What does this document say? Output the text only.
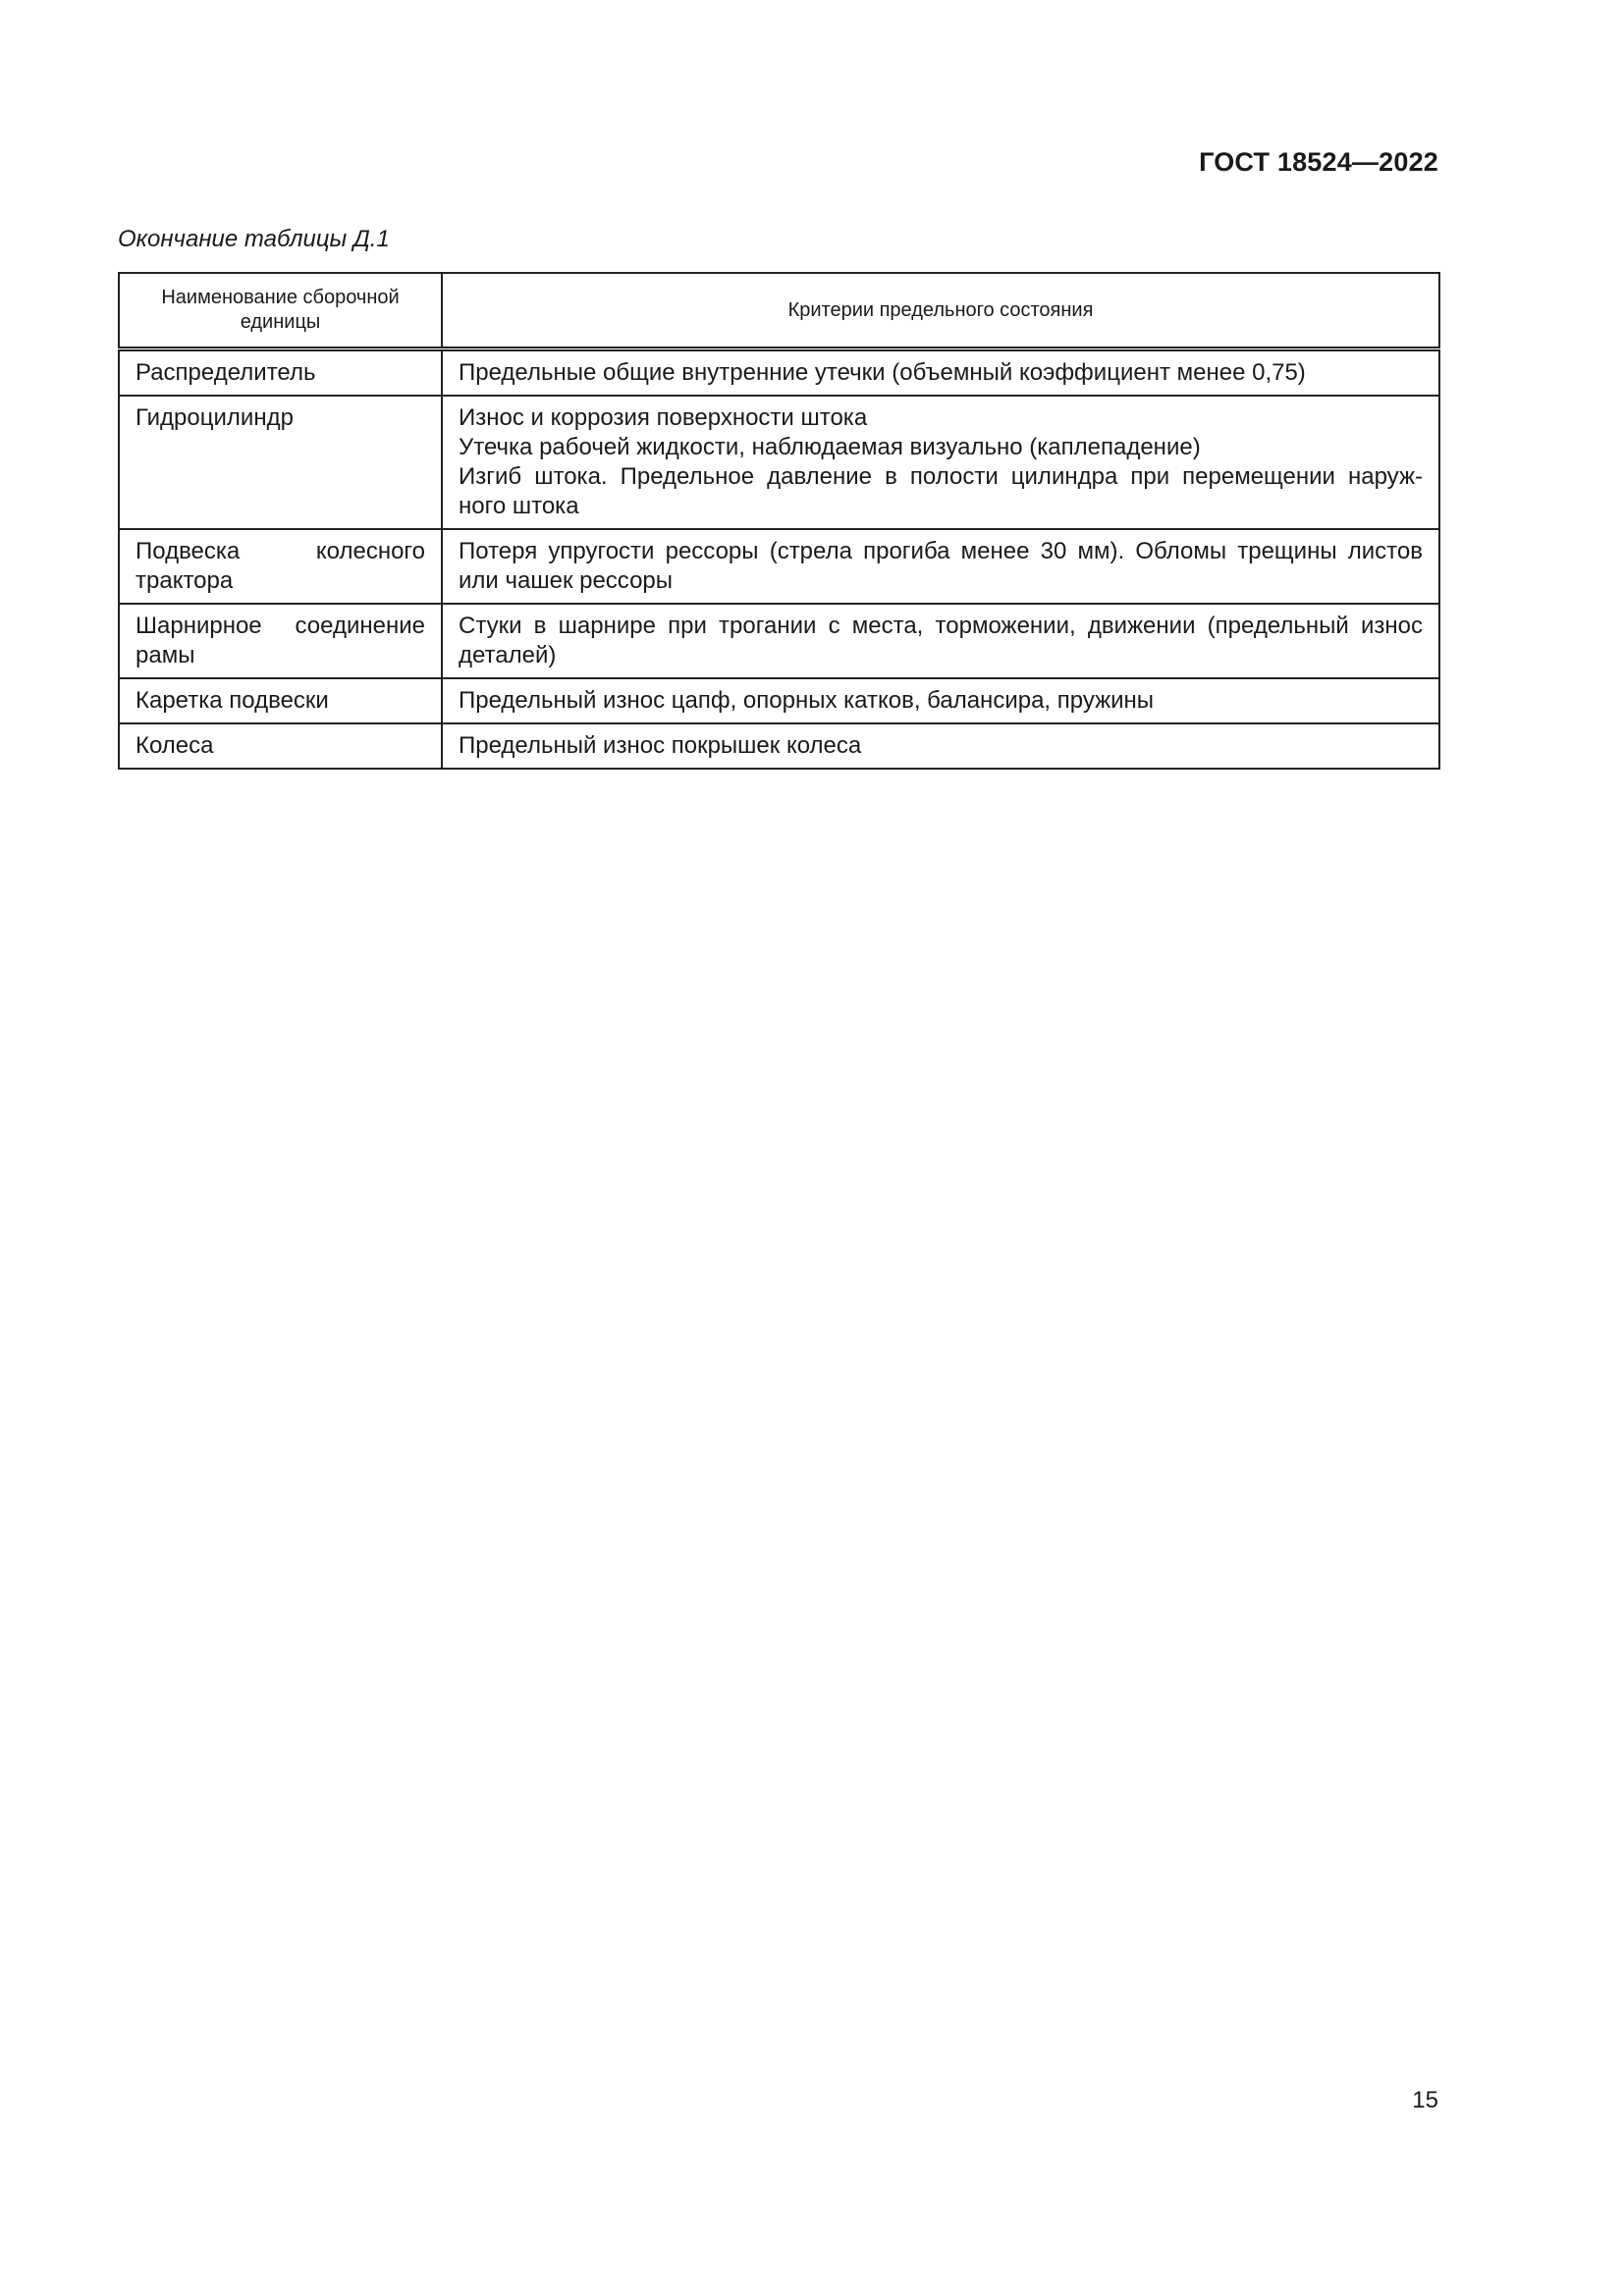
ГОСТ 18524—2022
Окончание таблицы Д.1
Наименование сборочной единицы	Критерии предельного состояния
Распределитель	Предельные общие внутренние утечки (объемный коэффициент менее 0,75)
Гидроцилиндр	Износ и коррозия поверхности штока
Утечка рабочей жидкости, наблюдаемая визуально (каплепадение)
Изгиб штока. Предельное давление в полости цилиндра при перемещении наруж-
ного штока

Подвеска колесного трактора	Потеря упругости рессоры (стрела прогиба менее 30 мм). Обломы трещины листов или чашек рессоры
Шарнирное соединение рамы	Стуки в шарнире при трогании с места, торможении, движении (предельный износ деталей)
Каретка подвески	Предельный износ цапф, опорных катков, балансира, пружины
Колеса	Предельный износ покрышек колеса
15
